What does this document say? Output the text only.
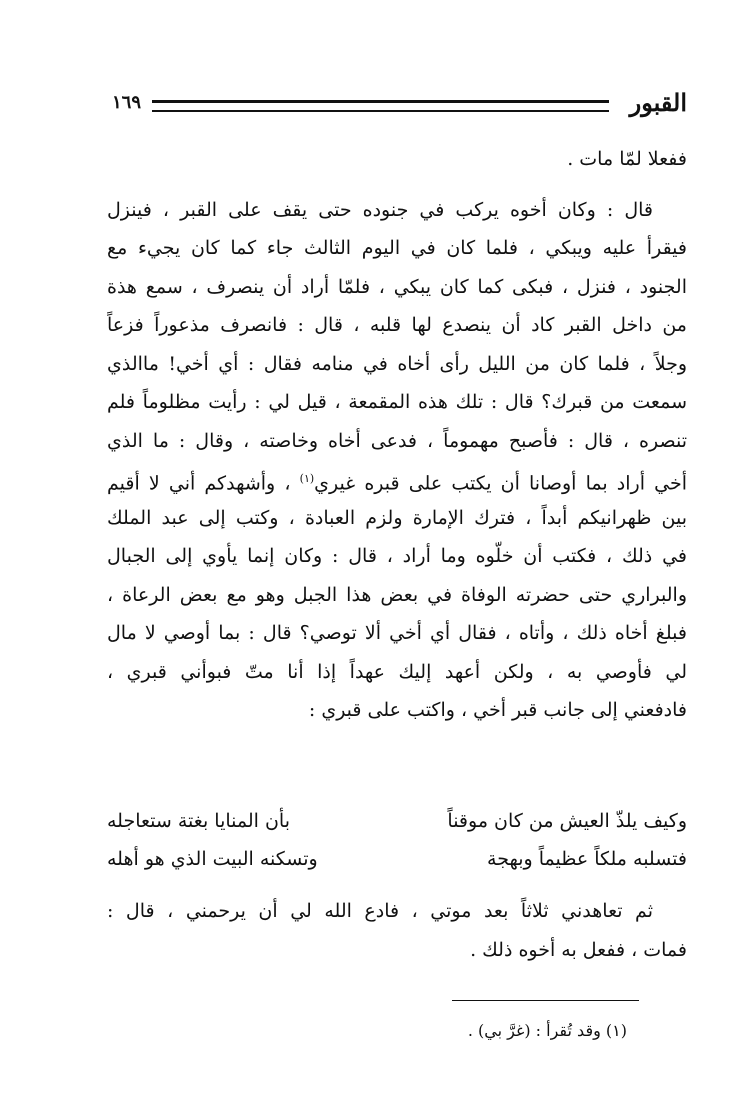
القبور
١٦٩
ففعلا لمّا مات .
قال : وكان أخوه يركب في جنوده حتى يقف على القبر ، فينزل
فيقرأ عليه ويبكي ، فلما كان في اليوم الثالث جاء كما كان يجيء مع
الجنود ، فنزل ، فبكى كما كان يبكي ، فلمّا أراد أن ينصرف ، سمع هذة
من داخل القبر كاد أن ينصدع لها قلبه ، قال : فانصرف مذعوراً فزعاً
وجلاً ، فلما كان من الليل رأى أخاه في منامه فقال : أي أخي! ماالذي
سمعت من قبرك؟ قال : تلك هذه المقمعة ، قيل لي : رأيت مظلوماً فلم
تنصره ، قال : فأصبح مهموماً ، فدعى أخاه وخاصته ، وقال : ما الذي
أخي أراد بما أوصانا أن يكتب على قبره غيري$^{(١)}$ ، وأشهدكم أني لا أقيم
بين ظهرانيكم أبداً ، فترك الإمارة ولزم العبادة ، وكتب إلى عبد الملك
في ذلك ، فكتب أن خلّوه وما أراد ، قال : وكان إنما يأوي إلى الجبال
والبراري حتى حضرته الوفاة في بعض هذا الجبل وهو مع بعض الرعاة ،
فبلغ أخاه ذلك ، وأتاه ، فقال أي أخي ألا توصي؟ قال : بما أوصي لا مال
لي فأوصي به ، ولكن أعهد إليك عهداً إذا أنا متّ فبوأني قبري ،
فادفعني إلى جانب قبر أخي ، واكتب على قبري :
وكيف يلذّ العيش من كان موقناً
بأن المنايا بغتة ستعاجله
فتسلبه ملكاً عظيماً وبهجة
وتسكنه البيت الذي هو أهله
ثم تعاهدني ثلاثاً بعد موتي ، فادع الله لي أن يرحمني ، قال :
فمات ، ففعل به أخوه ذلك .
(١) وقد تُقرأ : (غرَّ بي) .
